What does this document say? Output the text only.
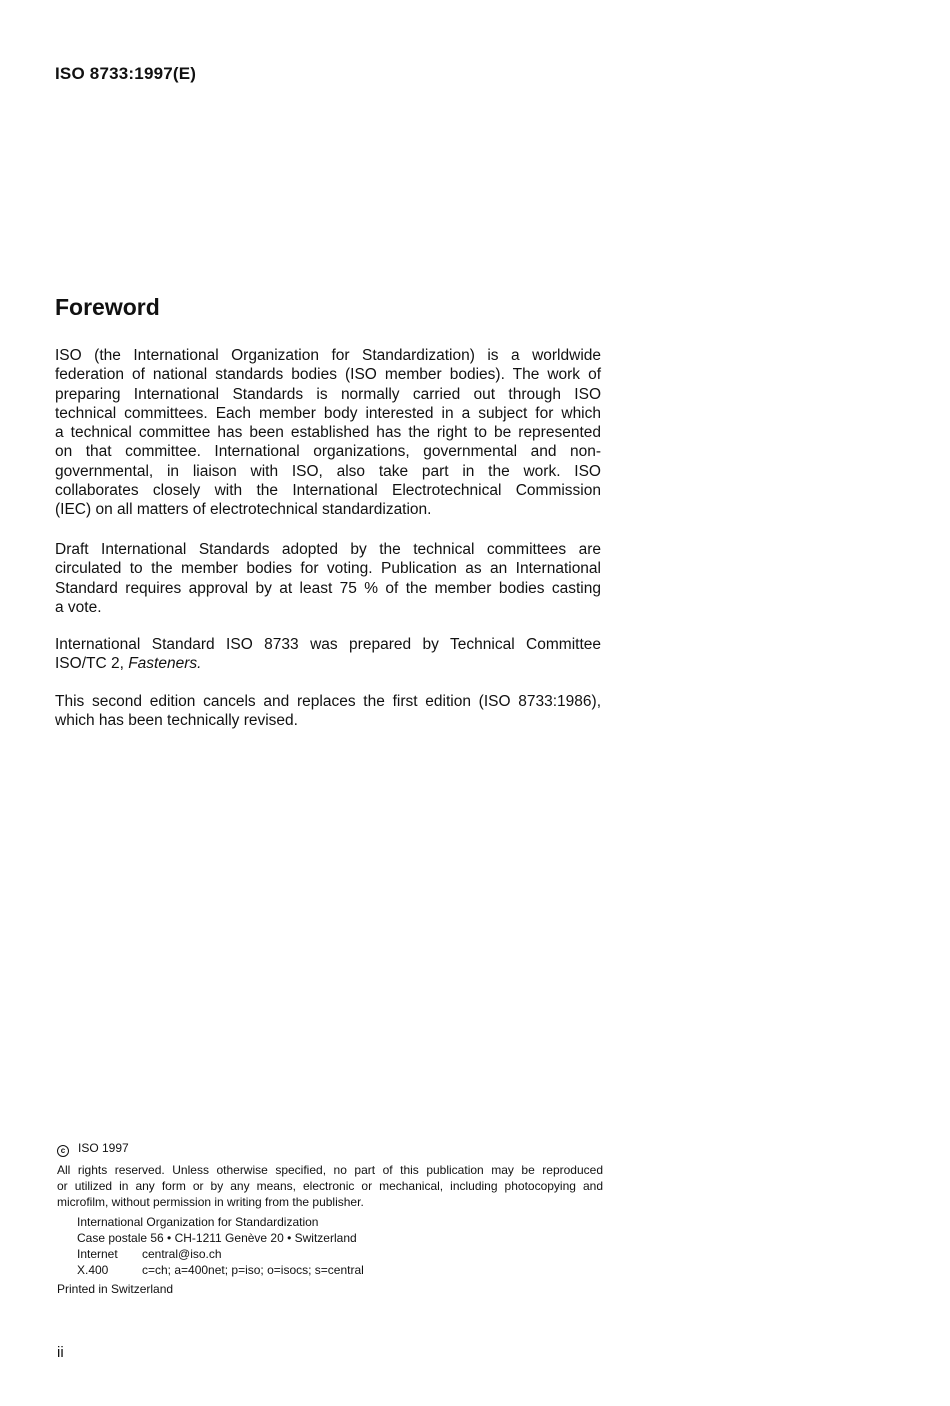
ISO 8733:1997(E)
Foreword
ISO (the International Organization for Standardization) is a worldwide
federation of national standards bodies (ISO member bodies). The work of
preparing International Standards is normally carried out through ISO
technical committees. Each member body interested in a subject for which
a technical committee has been established has the right to be represented
on that committee. International organizations, governmental and non-
governmental, in liaison with ISO, also take part in the work. ISO
collaborates closely with the International Electrotechnical Commission
(IEC) on all matters of electrotechnical standardization.
Draft International Standards adopted by the technical committees are
circulated to the member bodies for voting. Publication as an International
Standard requires approval by at least 75 % of the member bodies casting
a vote.
International Standard ISO 8733 was prepared by Technical Committee
ISO/TC 2, Fasteners.
This second edition cancels and replaces the first edition (ISO 8733:1986),
which has been technically revised.
c ISO 1997
All rights reserved. Unless otherwise specified, no part of this publication may be reproduced
or utilized in any form or by any means, electronic or mechanical, including photocopying and
microfilm, without permission in writing from the publisher.
International Organization for Standardization
Case postale 56 • CH-1211 Genève 20 • Switzerland
Internet central@iso.ch
X.400	c=ch; a=400net; p=iso; o=isocs; s=central
Printed in Switzerland
ii
